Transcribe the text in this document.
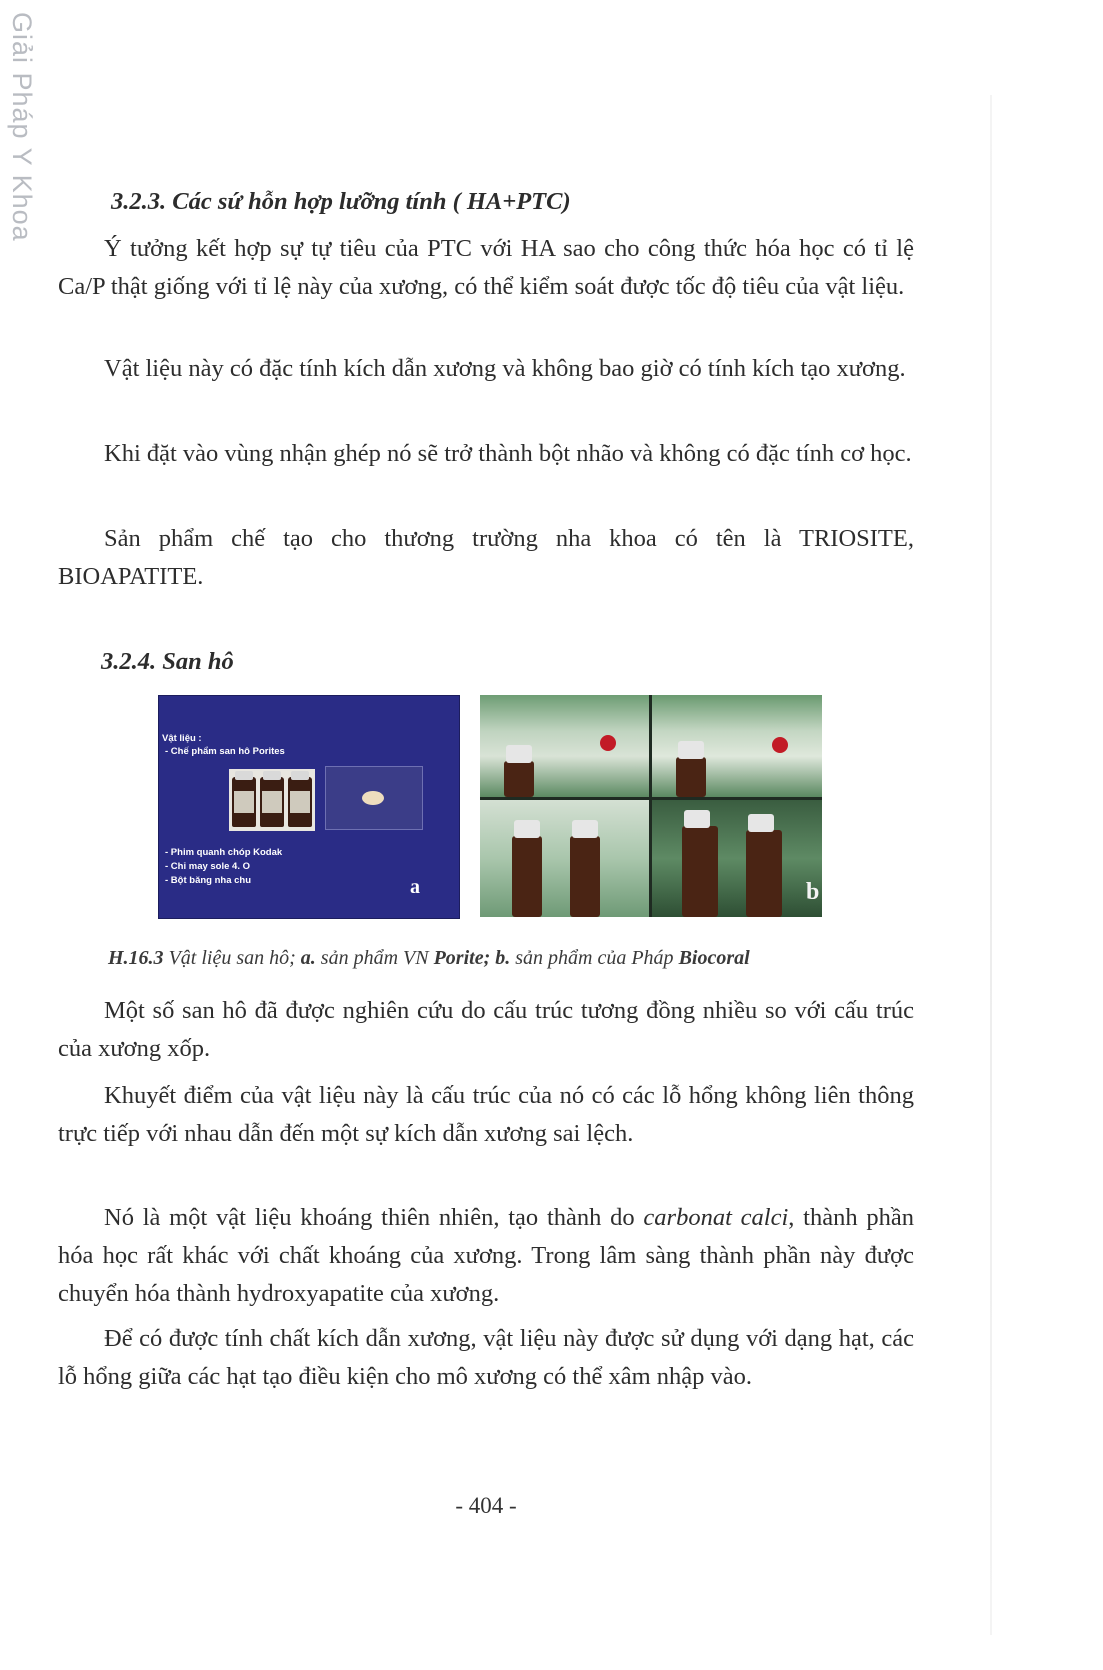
Giải Pháp Y Khoa	3.2.3. Các sứ hỗn hợp lưỡng tính ( HA+PTC)

Ý tưởng kết hợp sự tự tiêu của PTC với HA sao cho công thức hóa học có tỉ lệ Ca/P thật giống với tỉ lệ này của xương, có thể kiểm soát được tốc độ tiêu của vật liệu.

Vật liệu này có đặc tính kích dẫn xương và không bao giờ có tính kích tạo xương.

Khi đặt vào vùng nhận ghép nó sẽ trở thành bột nhão và không có đặc tính cơ học.

Sản phẩm chế tạo cho thương trường nha khoa có tên là TRIOSITE, BIOAPATITE.

3.2.4. San hô
Vật liệu :
- Chế phẩm san hô Porites
- Phim quanh chóp Kodak
- Chỉ may sole 4. O
- Bột băng nha chu	a	b
H.16.3 Vật liệu san hô; a. sản phẩm VN Porite; b. sản phẩm của Pháp Biocoral

Một số san hô đã được nghiên cứu do cấu trúc tương đồng nhiều so với cấu trúc của xương xốp.

Khuyết điểm của vật liệu này là cấu trúc của nó có các lỗ hổng không liên thông trực tiếp với nhau dẫn đến một sự kích dẫn xương sai lệch.

Nó là một vật liệu khoáng thiên nhiên, tạo thành do carbonat calci, thành phần hóa học rất khác với chất khoáng của xương. Trong lâm sàng thành phần này được chuyển hóa thành hydroxyapatite của xương.

Để có được tính chất kích dẫn xương, vật liệu này được sử dụng với dạng hạt, các lỗ hổng giữa các hạt tạo điều kiện cho mô xương có thể xâm nhập vào.

- 404 -
